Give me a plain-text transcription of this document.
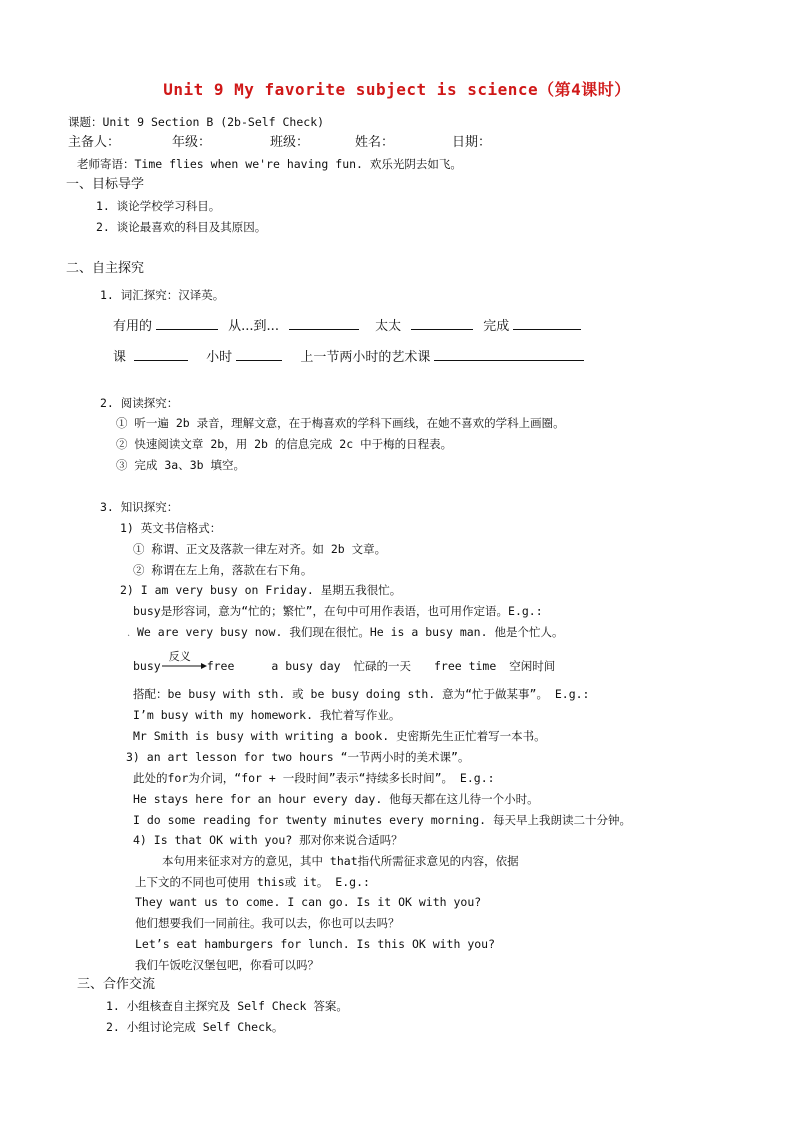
Unit 9 My favorite subject is science（第4课时）
课题：Unit 9 Section B (2b-Self Check)
主备人：	年级：	班级：	姓名：	日期：
老师寄语：Time flies when we're having fun. 欢乐光阴去如飞。
一、目标导学
1. 谈论学校学习科目。
2. 谈论最喜欢的科目及其原因。
二、自主探究
1. 词汇探究：汉译英。
有用的	从...到...	太太	完成
课	小时	上一节两小时的艺术课
2. 阅读探究：
① 听一遍 2b 录音，理解文意，在于梅喜欢的学科下画线，在她不喜欢的学科上画圈。
② 快速阅读文章 2b，用 2b 的信息完成 2c 中于梅的日程表。
③ 完成 3a、3b 填空。
3. 知识探究：
1) 英文书信格式：
① 称谓、正文及落款一律左对齐。如 2b 文章。
② 称谓在左上角，落款在右下角。
2) I am very busy on Friday. 星期五我很忙。
busy是形容词，意为“忙的；繁忙”，在句中可用作表语，也可用作定语。E.g.:
. We are very busy now. 我们现在很忙。He is a busy man. 他是个忙人。
busy
反义
free	a busy day 忙碌的一天 free time 空闲时间
搭配：be busy with sth. 或 be busy doing sth. 意为“忙于做某事”。 E.g.:
I’m busy with my homework. 我忙着写作业。
Mr Smith is busy with writing a book. 史密斯先生正忙着写一本书。
3) an art lesson for two hours “一节两小时的美术课”。
此处的for为介词，“for + 一段时间”表示“持续多长时间”。 E.g.:
He stays here for an hour every day. 他每天都在这儿待一个小时。
I do some reading for twenty minutes every morning. 每天早上我朗读二十分钟。
4) Is that OK with you? 那对你来说合适吗？
本句用来征求对方的意见，其中 that指代所需征求意见的内容，依据
上下文的不同也可使用 this或 it。 E.g.:
They want us to come. I can go. Is it OK with you?
他们想要我们一同前往。我可以去，你也可以去吗？
Let’s eat hamburgers for lunch. Is this OK with you?
我们午饭吃汉堡包吧，你看可以吗？
三、合作交流
1. 小组核查自主探究及 Self Check 答案。
2. 小组讨论完成 Self Check。
